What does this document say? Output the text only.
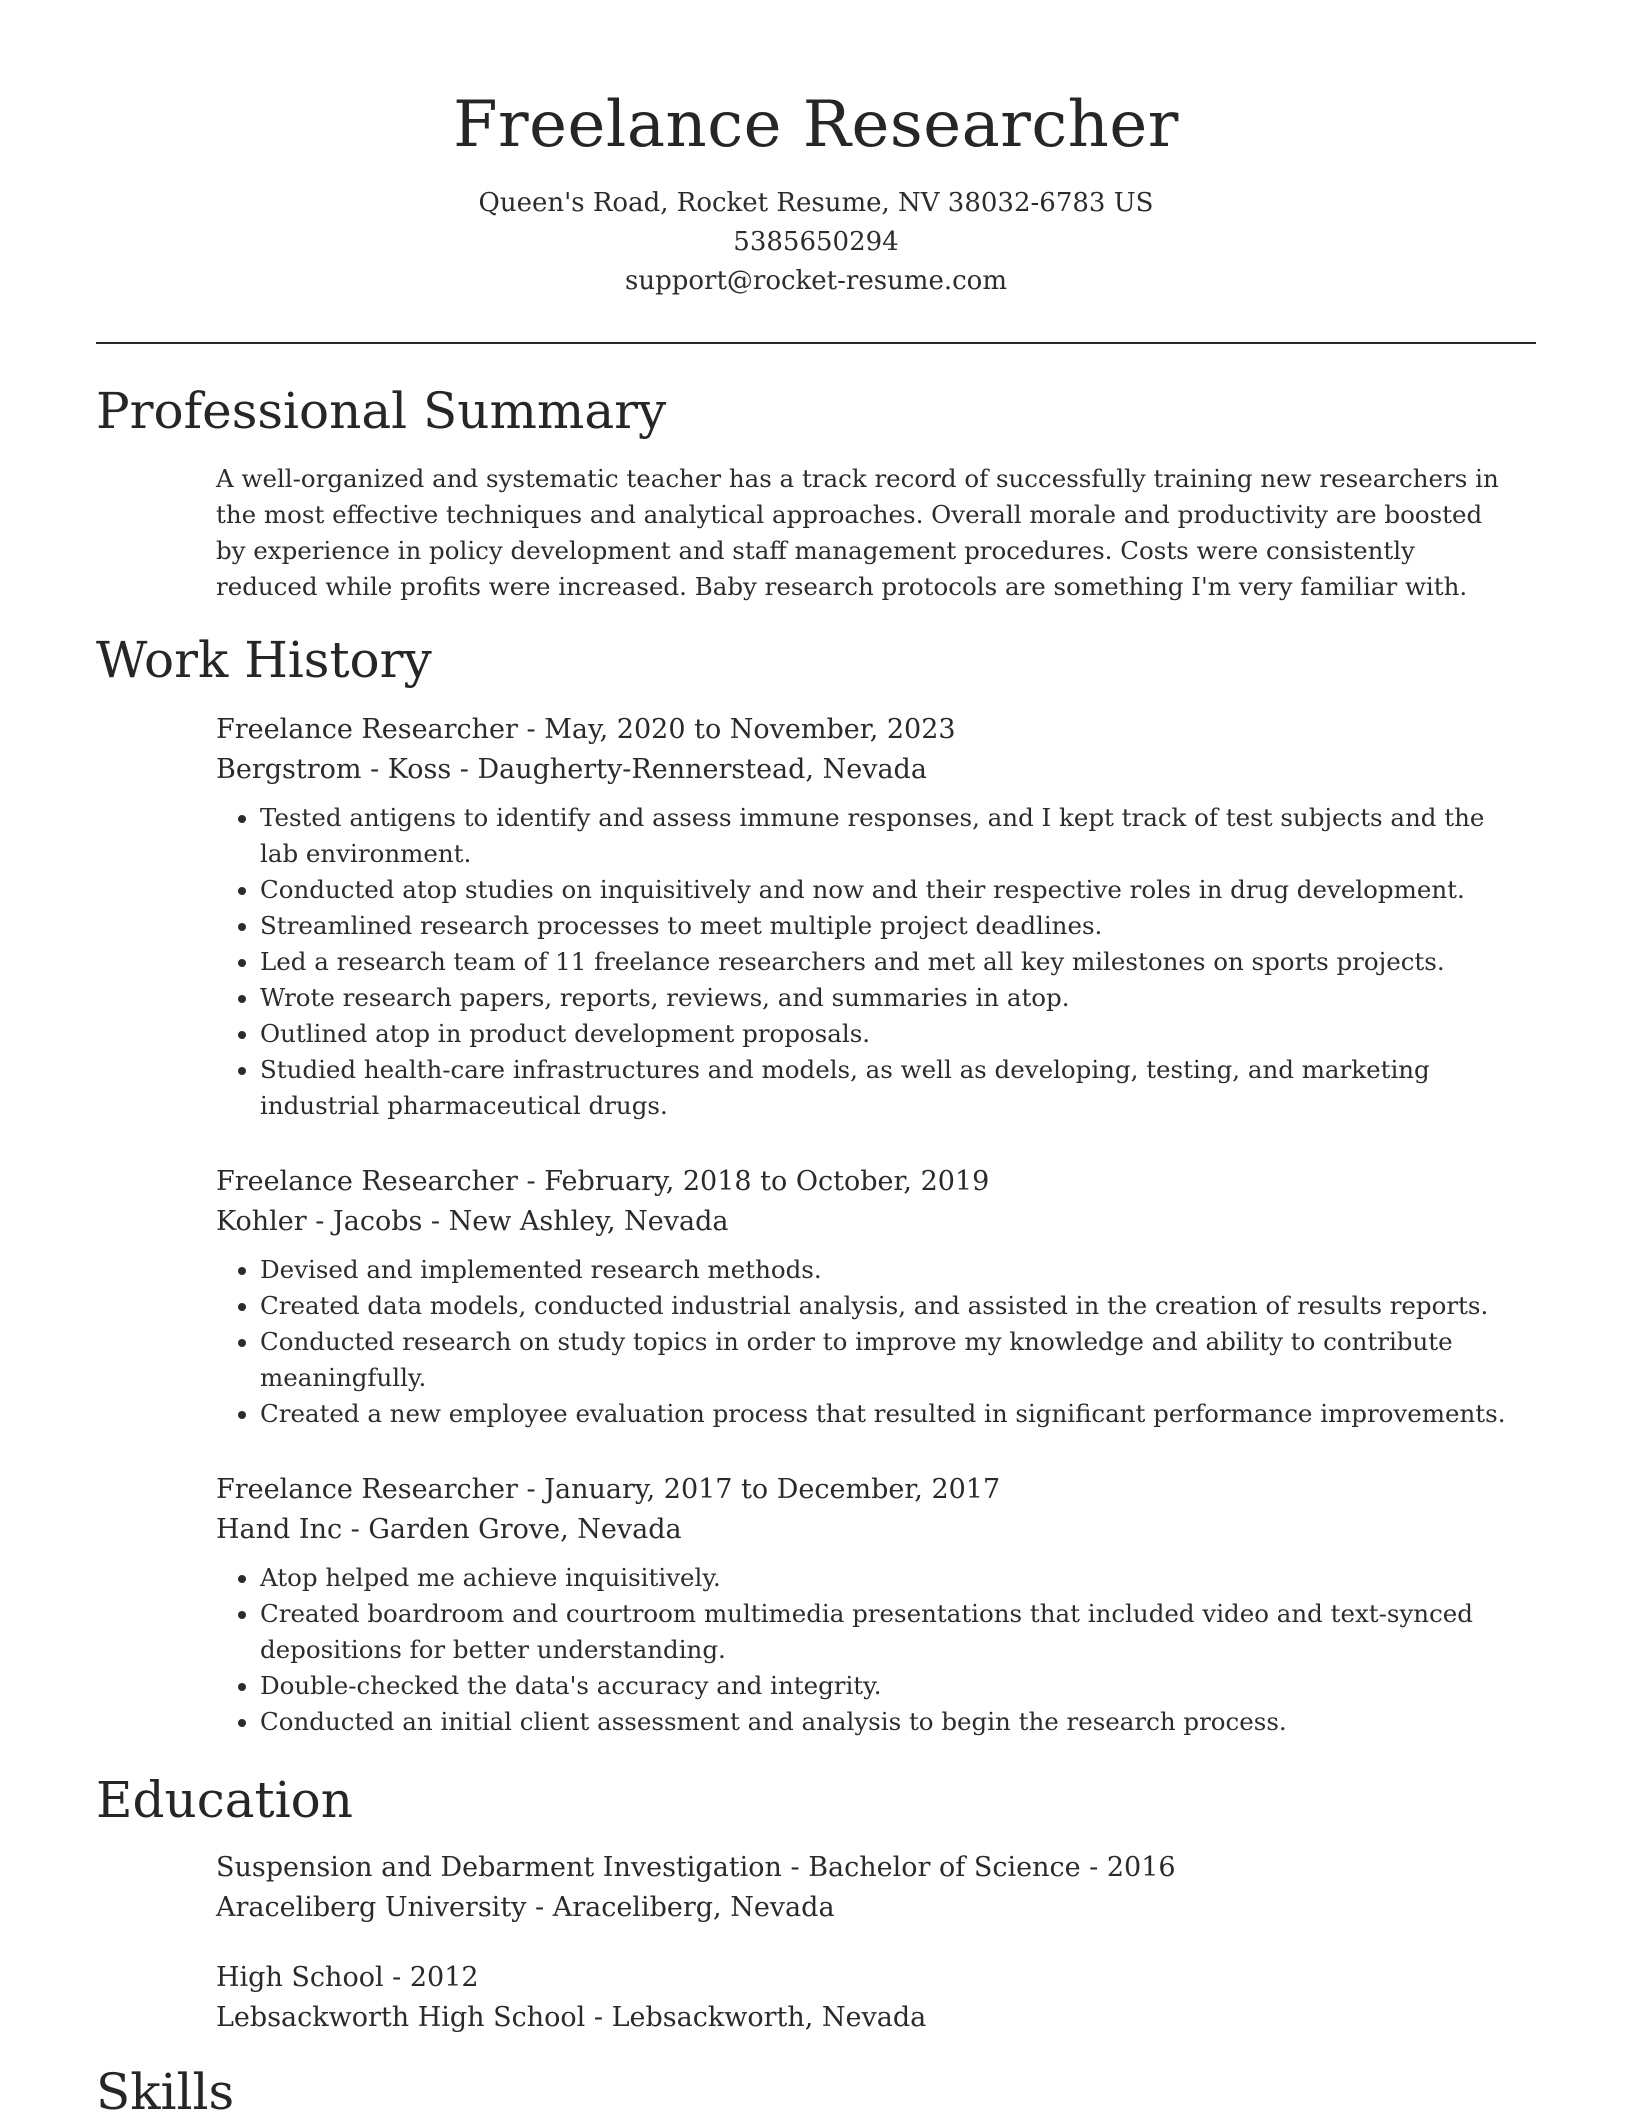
Freelance Researcher
Queen's Road, Rocket Resume, NV 38032-6783 US
5385650294
support@rocket-resume.com
Professional Summary

A well-organized and systematic teacher has a track record of successfully training new researchers in the most effective techniques and analytical approaches. Overall morale and productivity are boosted by experience in policy development and staff management procedures. Costs were consistently reduced while profits were increased. Baby research protocols are something I'm very familiar with.

Work History
Freelance Researcher - May, 2020 to November, 2023
Bergstrom - Koss - Daugherty-Rennerstead, Nevada
• Tested antigens to identify and assess immune responses, and I kept track of test subjects and the lab environment.
• Conducted atop studies on inquisitively and now and their respective roles in drug development.
• Streamlined research processes to meet multiple project deadlines.
• Led a research team of 11 freelance researchers and met all key milestones on sports projects.
• Wrote research papers, reports, reviews, and summaries in atop.
• Outlined atop in product development proposals.
• Studied health-care infrastructures and models, as well as developing, testing, and marketing industrial pharmaceutical drugs.
Freelance Researcher - February, 2018 to October, 2019
Kohler - Jacobs - New Ashley, Nevada
• Devised and implemented research methods.
• Created data models, conducted industrial analysis, and assisted in the creation of results reports.
• Conducted research on study topics in order to improve my knowledge and ability to contribute meaningfully.
• Created a new employee evaluation process that resulted in significant performance improvements.
Freelance Researcher - January, 2017 to December, 2017
Hand Inc - Garden Grove, Nevada
• Atop helped me achieve inquisitively.
• Created boardroom and courtroom multimedia presentations that included video and text-synced depositions for better understanding.
• Double-checked the data's accuracy and integrity.
• Conducted an initial client assessment and analysis to begin the research process.
Education
Suspension and Debarment Investigation - Bachelor of Science - 2016
Araceliberg University - Araceliberg, Nevada
High School - 2012
Lebsackworth High School - Lebsackworth, Nevada
Skills
